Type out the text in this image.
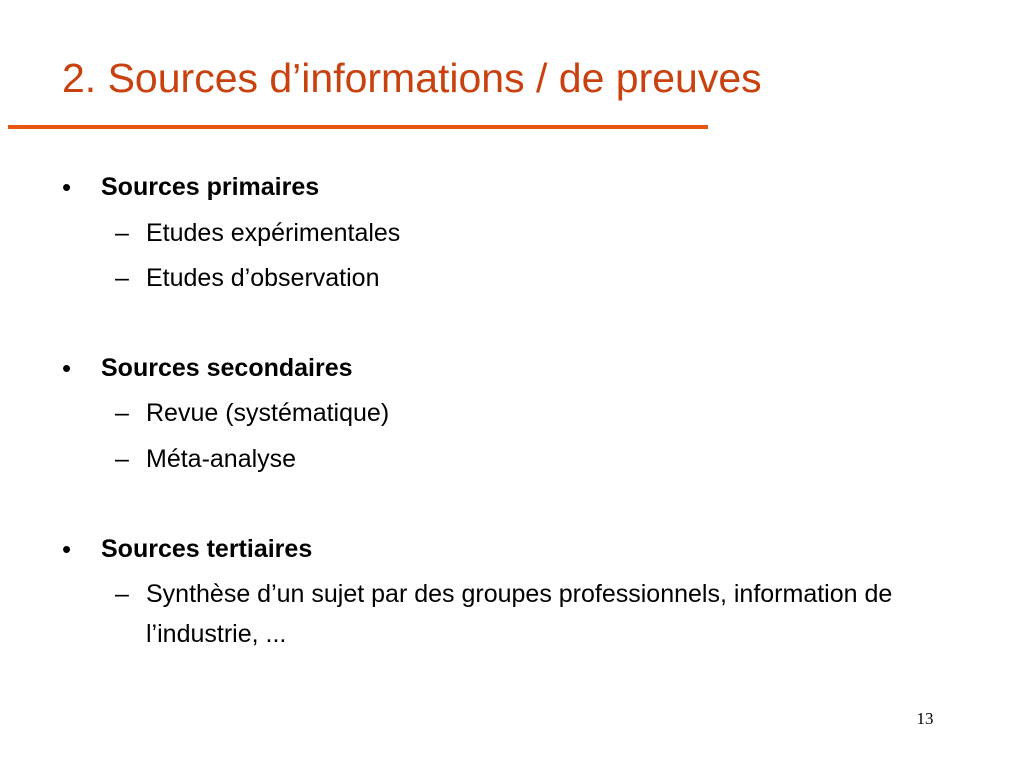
2. Sources d’informations / de preuves
• Sources primaires
– Etudes expérimentales
– Etudes d’observation
• Sources secondaires
– Revue (systématique)
– Méta-analyse
• Sources tertiaires
– Synthèse d’un sujet par des groupes professionnels, information de l’industrie, ...
13
